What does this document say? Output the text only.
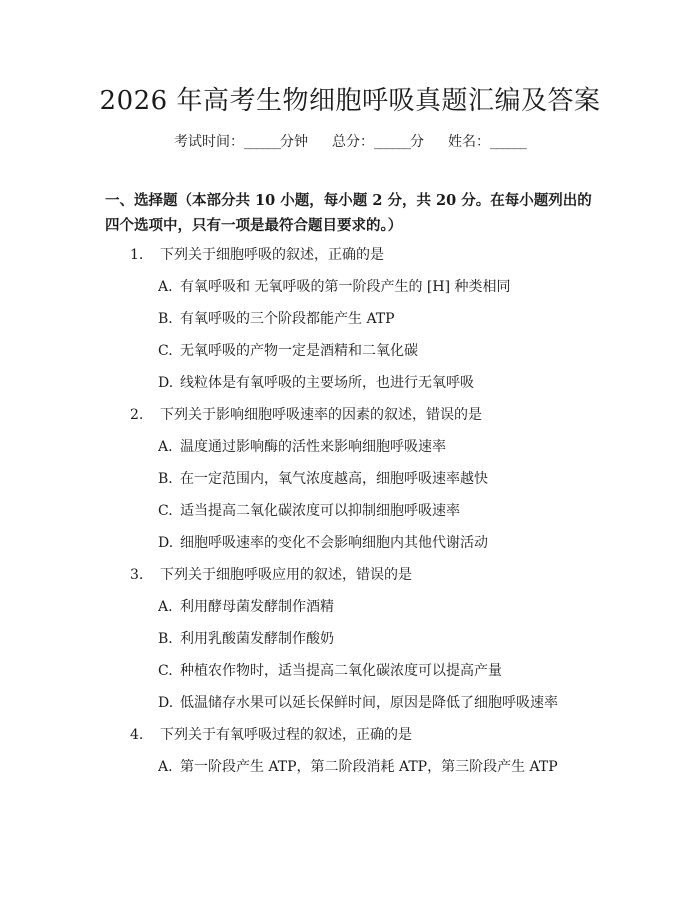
2026 年高考生物细胞呼吸真题汇编及答案
考试时间：______分钟 总分：______分 姓名：______
一、选择题（本部分共 10 小题，每小题 2 分，共 20 分。在每小题列出的四个选项中，只有一项是最符合题目要求的。）
1. 下列关于细胞呼吸的叙述，正确的是
A. 有氧呼吸和 无氧呼吸的第一阶段产生的 [H] 种类相同
B. 有氧呼吸的三个阶段都能产生 ATP
C. 无氧呼吸的产物一定是酒精和二氧化碳
D. 线粒体是有氧呼吸的主要场所，也进行无氧呼吸
2. 下列关于影响细胞呼吸速率的因素的叙述，错误的是
A. 温度通过影响酶的活性来影响细胞呼吸速率
B. 在一定范围内，氧气浓度越高，细胞呼吸速率越快
C. 适当提高二氧化碳浓度可以抑制细胞呼吸速率
D. 细胞呼吸速率的变化不会影响细胞内其他代谢活动
3. 下列关于细胞呼吸应用的叙述，错误的是
A. 利用酵母菌发酵制作酒精
B. 利用乳酸菌发酵制作酸奶
C. 种植农作物时，适当提高二氧化碳浓度可以提高产量
D. 低温储存水果可以延长保鲜时间，原因是降低了细胞呼吸速率
4. 下列关于有氧呼吸过程的叙述，正确的是
A. 第一阶段产生 ATP，第二阶段消耗 ATP，第三阶段产生 ATP
